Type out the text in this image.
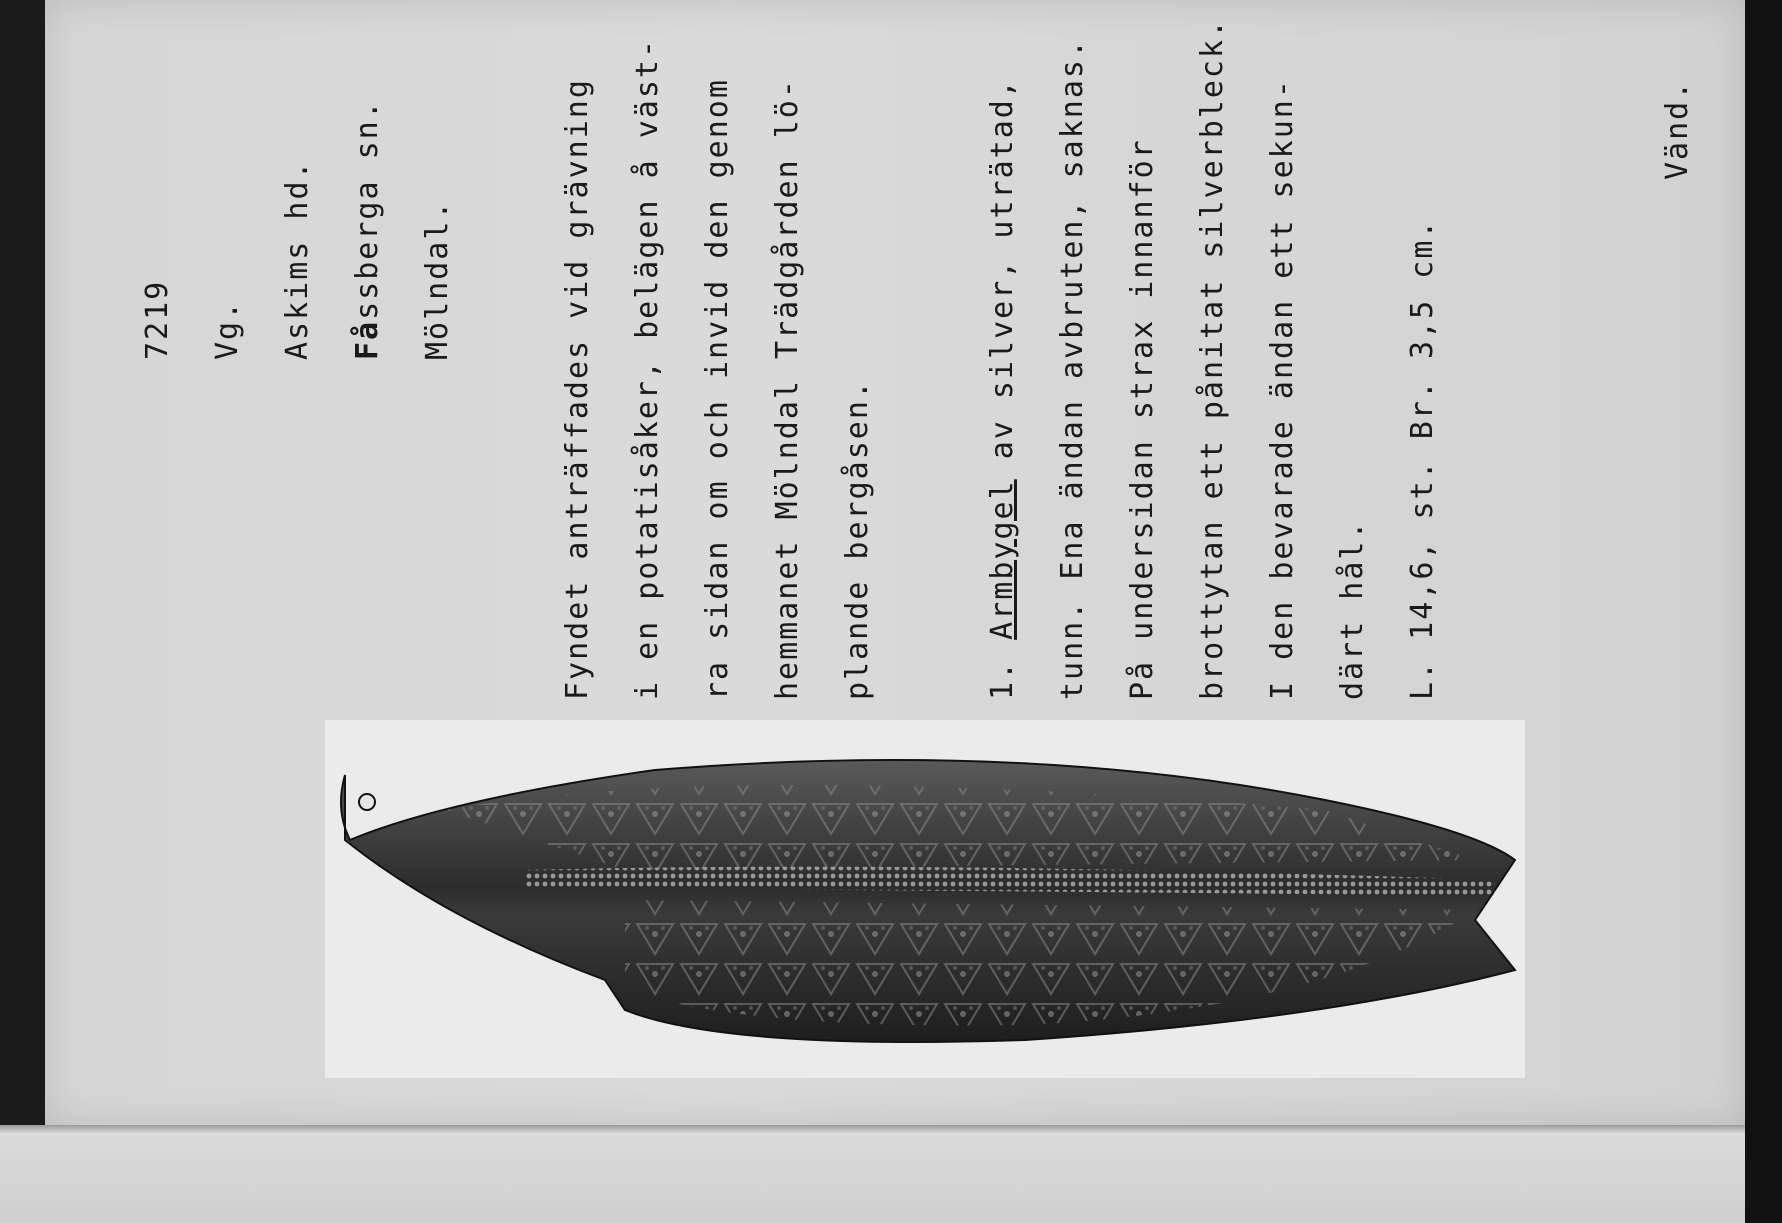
7219 Vg. Askims hd. Fåssberga sn. Mölndal.	Fyndet anträffades vid grävning i en potatisåker, belägen å väst- ra sidan om och invid den genom hemmanet Mölndal Trädgården lö- plande bergåsen.	1. Armbygel av silver, uträtad, tunn. Ena ändan avbruten, saknas. På undersidan strax innanför brottytan ett pånitat silverbleck. I den bevarade ändan ett sekun- därt hål. L. 14,6, st. Br. 3,5 cm.
Vänd.
